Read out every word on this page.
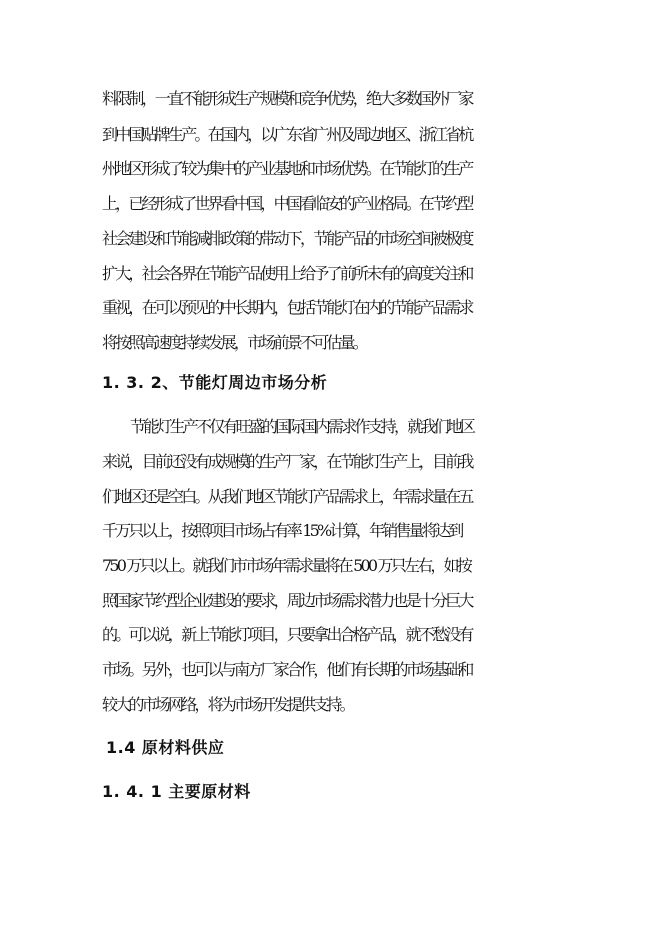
料限制，一直不能形成生产规模和竞争优势，绝大多数国外厂家
到中国贴牌生产。在国内，以广东省广州及周边地区、浙江省杭
州地区形成了较为集中的产业基地和市场优势。在节能灯的生产
上，已经形成了世界看中国，中国看临安的产业格局。在节约型
社会建设和节能减排政策的带动下，节能产品的市场空间被极度
扩大，社会各界在节能产品使用上给予了前所未有的高度关注和
重视，在可以预见的中长期内，包括节能灯在内的节能产品需求
将按照高速度持续发展，市场前景不可估量。
1. 3. 2、节能灯周边市场分析
节能灯生产不仅有旺盛的国际国内需求作支持，就我们地区
来说，目前还没有成规模的生产厂家，在节能灯生产上，目前我
们地区还是空白。从我们地区节能灯产品需求上，年需求量在五
千万只以上，按照项目市场占有率 15%计算，年销售量将达到
750 万只以上。就我们市市场年需求量将在 500 万只左右，如按
照国家节约型企业建设的要求，周边市场需求潜力也是十分巨大
的。可以说，新上节能灯项目，只要拿出合格产品，就不愁没有
市场。另外，也可以与南方厂家合作，他们有长期的市场基础和
较大的市场网络，将为市场开发提供支持。
1.4 原材料供应
1. 4. 1 主要原材料
